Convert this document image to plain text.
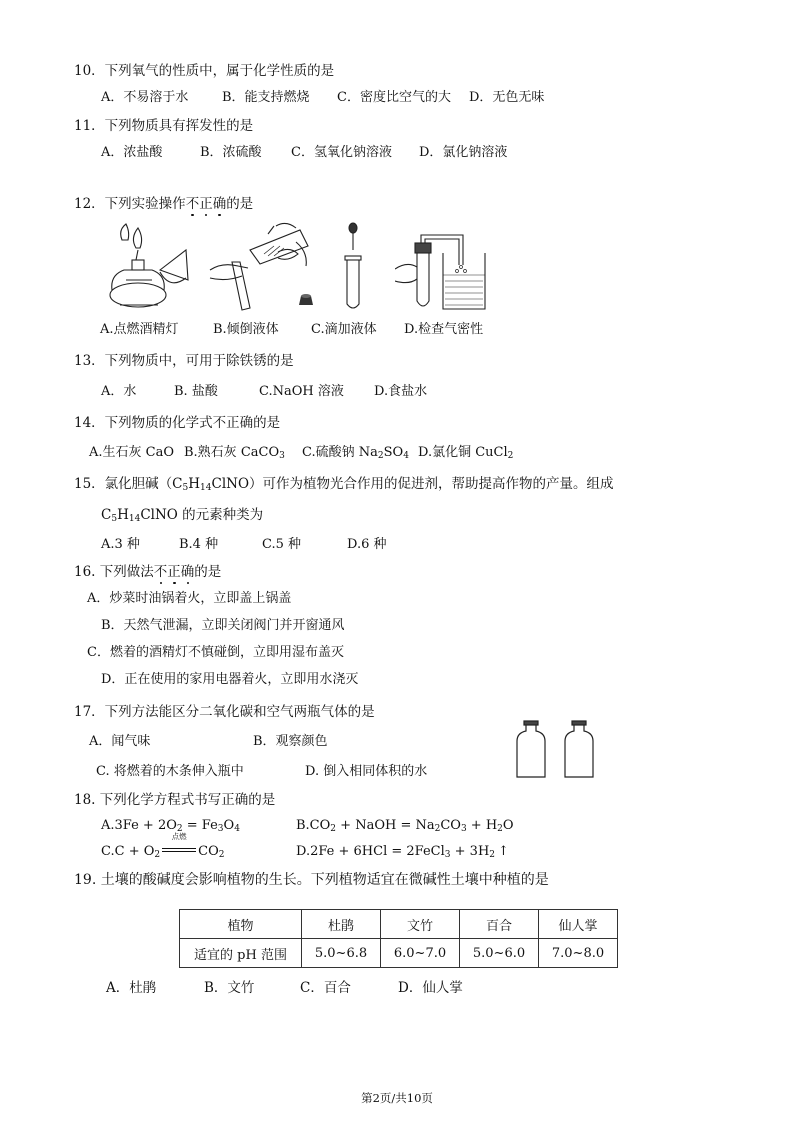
10．下列氧气的性质中，属于化学性质的是
A．不易溶于水	B．能支持燃烧 C．密度比空气的大 D．无色无味
11．下列物质具有挥发性的是
A．浓盐酸	B．浓硫酸 C．氢氧化钠溶液 D．氯化钠溶液
12．下列实验操作不正确的是
A.点燃酒精灯	B.倾倒液体 C.滴加液体 D.检查气密性
13．下列物质中，可用于除铁锈的是
A．水	B. 盐酸	C.NaOH 溶液 D.食盐水
14．下列物质的化学式不正确的是
A.生石灰 CaO B.熟石灰 CaCO$_3$ C.硫酸钠 $Na_2SO_4$ D.氯化铜 CuCl$_2$
15．氯化胆碱$(C_5H_{14}ClNO)$可作为植物光合作用的促进剂，帮助提高作物的产量。组成
$C_5H_{14}ClNO$ 的元素种类为
A.3 种	B.4 种	C.5 种	D.6 种
16. 下列做法不正确的是
A．炒菜时油锅着火，立即盖上锅盖
B．天然气泄漏，立即关闭阀门并开窗通风
C．燃着的酒精灯不慎碰倒，立即用湿布盖灭
D．正在使用的家用电器着火，立即用水浇灭
17．下列方法能区分二氧化碳和空气两瓶气体的是
A．闻气味	B．观察颜色
C. 将燃着的木条伸入瓶中	D. 倒入相同体积的水
18. 下列化学方程式书写正确的是
$A.3Fe + 2O_2 = Fe_3O_4$	$B.CO_2$ + NaOH = $Na_2CO_3 + H_2O$
$C.C + O_2$
点燃
$CO_2$	D.2Fe + 6HCl = 2FeCl$_3$ + $3H_2$ ↑
19. 土壤的酸碱度会影响植物的生长。下列植物适宜在微碱性土壤中种植的是
植物	杜鹃	文竹	百合	仙人掌
适宜的 pH 范围	5.0~6.8	6.0~7.0	5.0~6.0	7.0~8.0
A．杜鹃	B．文竹	C．百合	D．仙人掌
第2页/共10页
